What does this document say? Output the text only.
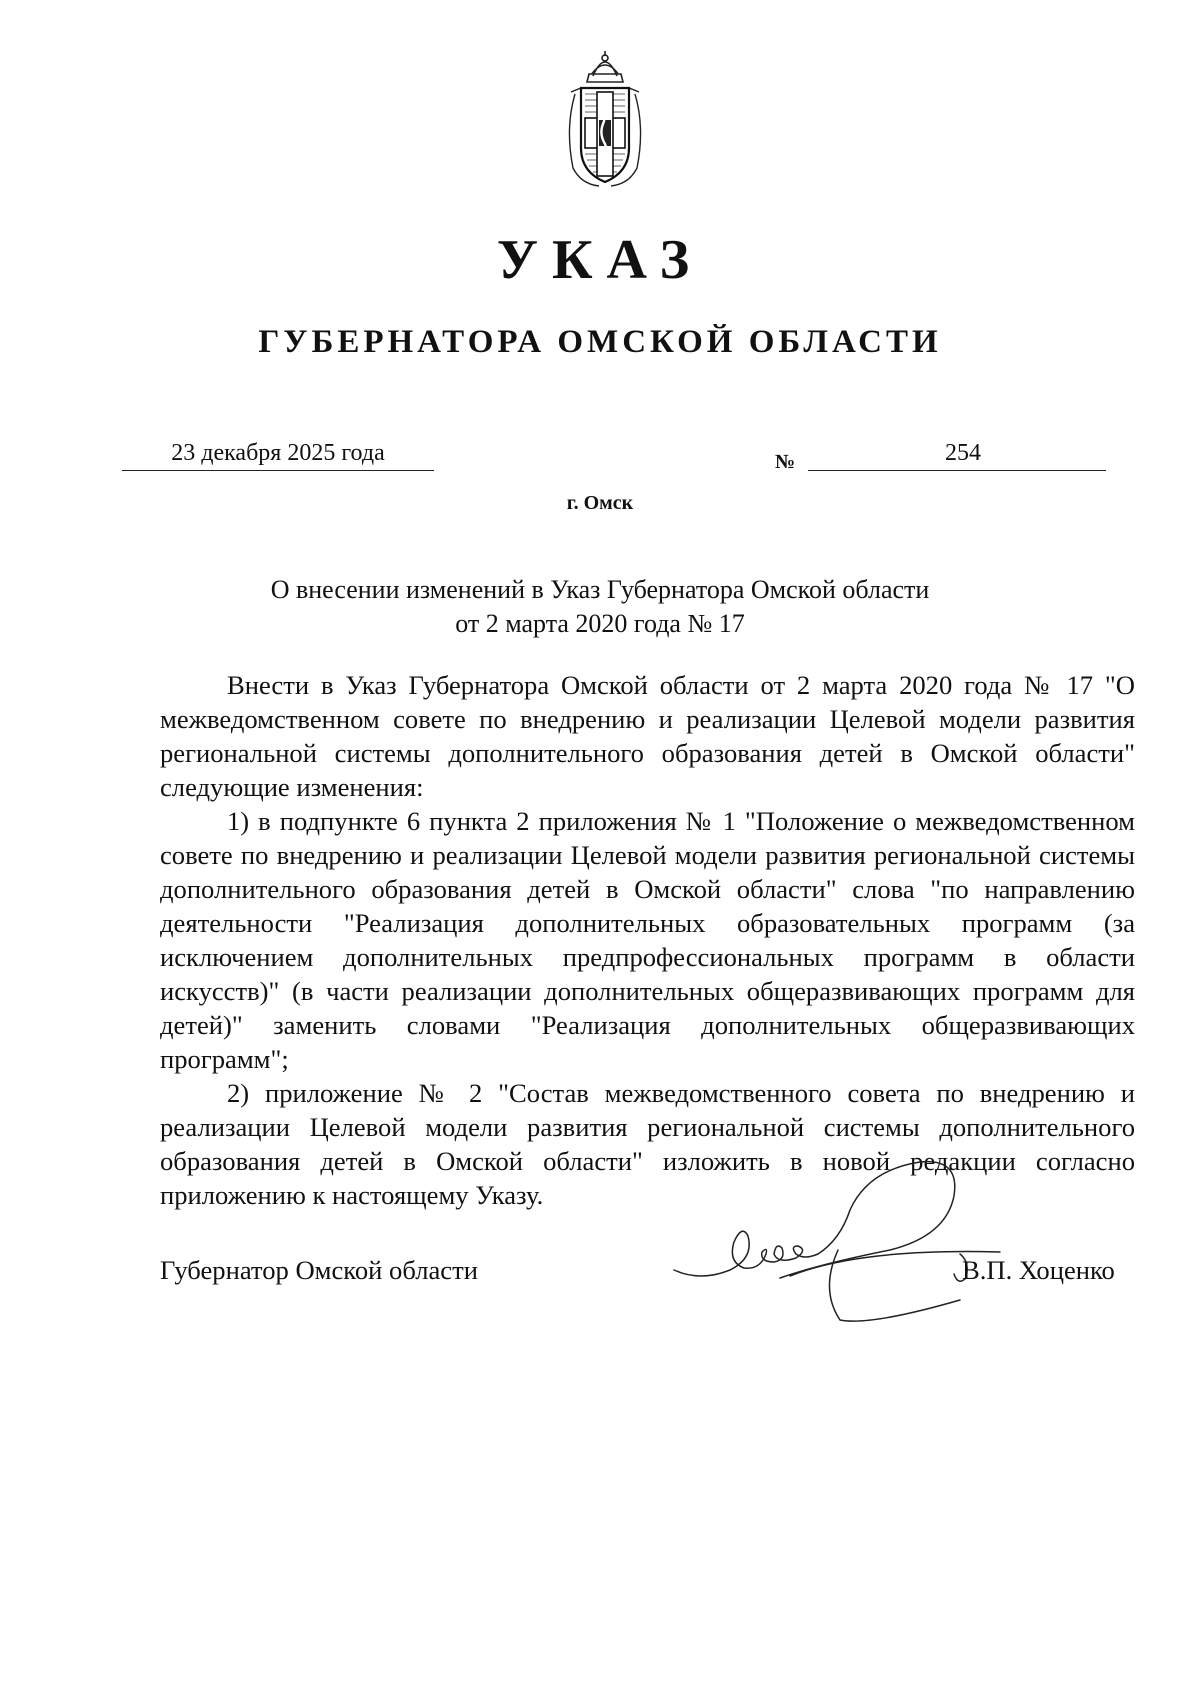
УКАЗ
ГУБЕРНАТОРА ОМСКОЙ ОБЛАСТИ
23 декабря 2025 года	№	254
г. Омск
О внесении изменений в Указ Губернатора Омской области
от 2 марта 2020 года № 17

Внести в Указ Губернатора Омской области от 2 марта 2020 года № 17 "О межведомственном совете по внедрению и реализации Целевой модели развития региональной системы дополнительного образования детей в Омской области" следующие изменения:

1) в подпункте 6 пункта 2 приложения № 1 "Положение о межведомственном совете по внедрению и реализации Целевой модели развития региональной системы дополнительного образования детей в Омской области" слова "по направлению деятельности "Реализация дополнительных образовательных программ (за исключением дополнительных предпрофессиональных программ в области искусств)" (в части реализации дополнительных общеразвивающих программ для детей)" заменить словами "Реализация дополнительных общеразвивающих программ";

2) приложение № 2 "Состав межведомственного совета по внедрению и реализации Целевой модели развития региональной системы дополнительного образования детей в Омской области" изложить в новой редакции согласно приложению к настоящему Указу.

Губернатор Омской области	В.П. Хоценко
